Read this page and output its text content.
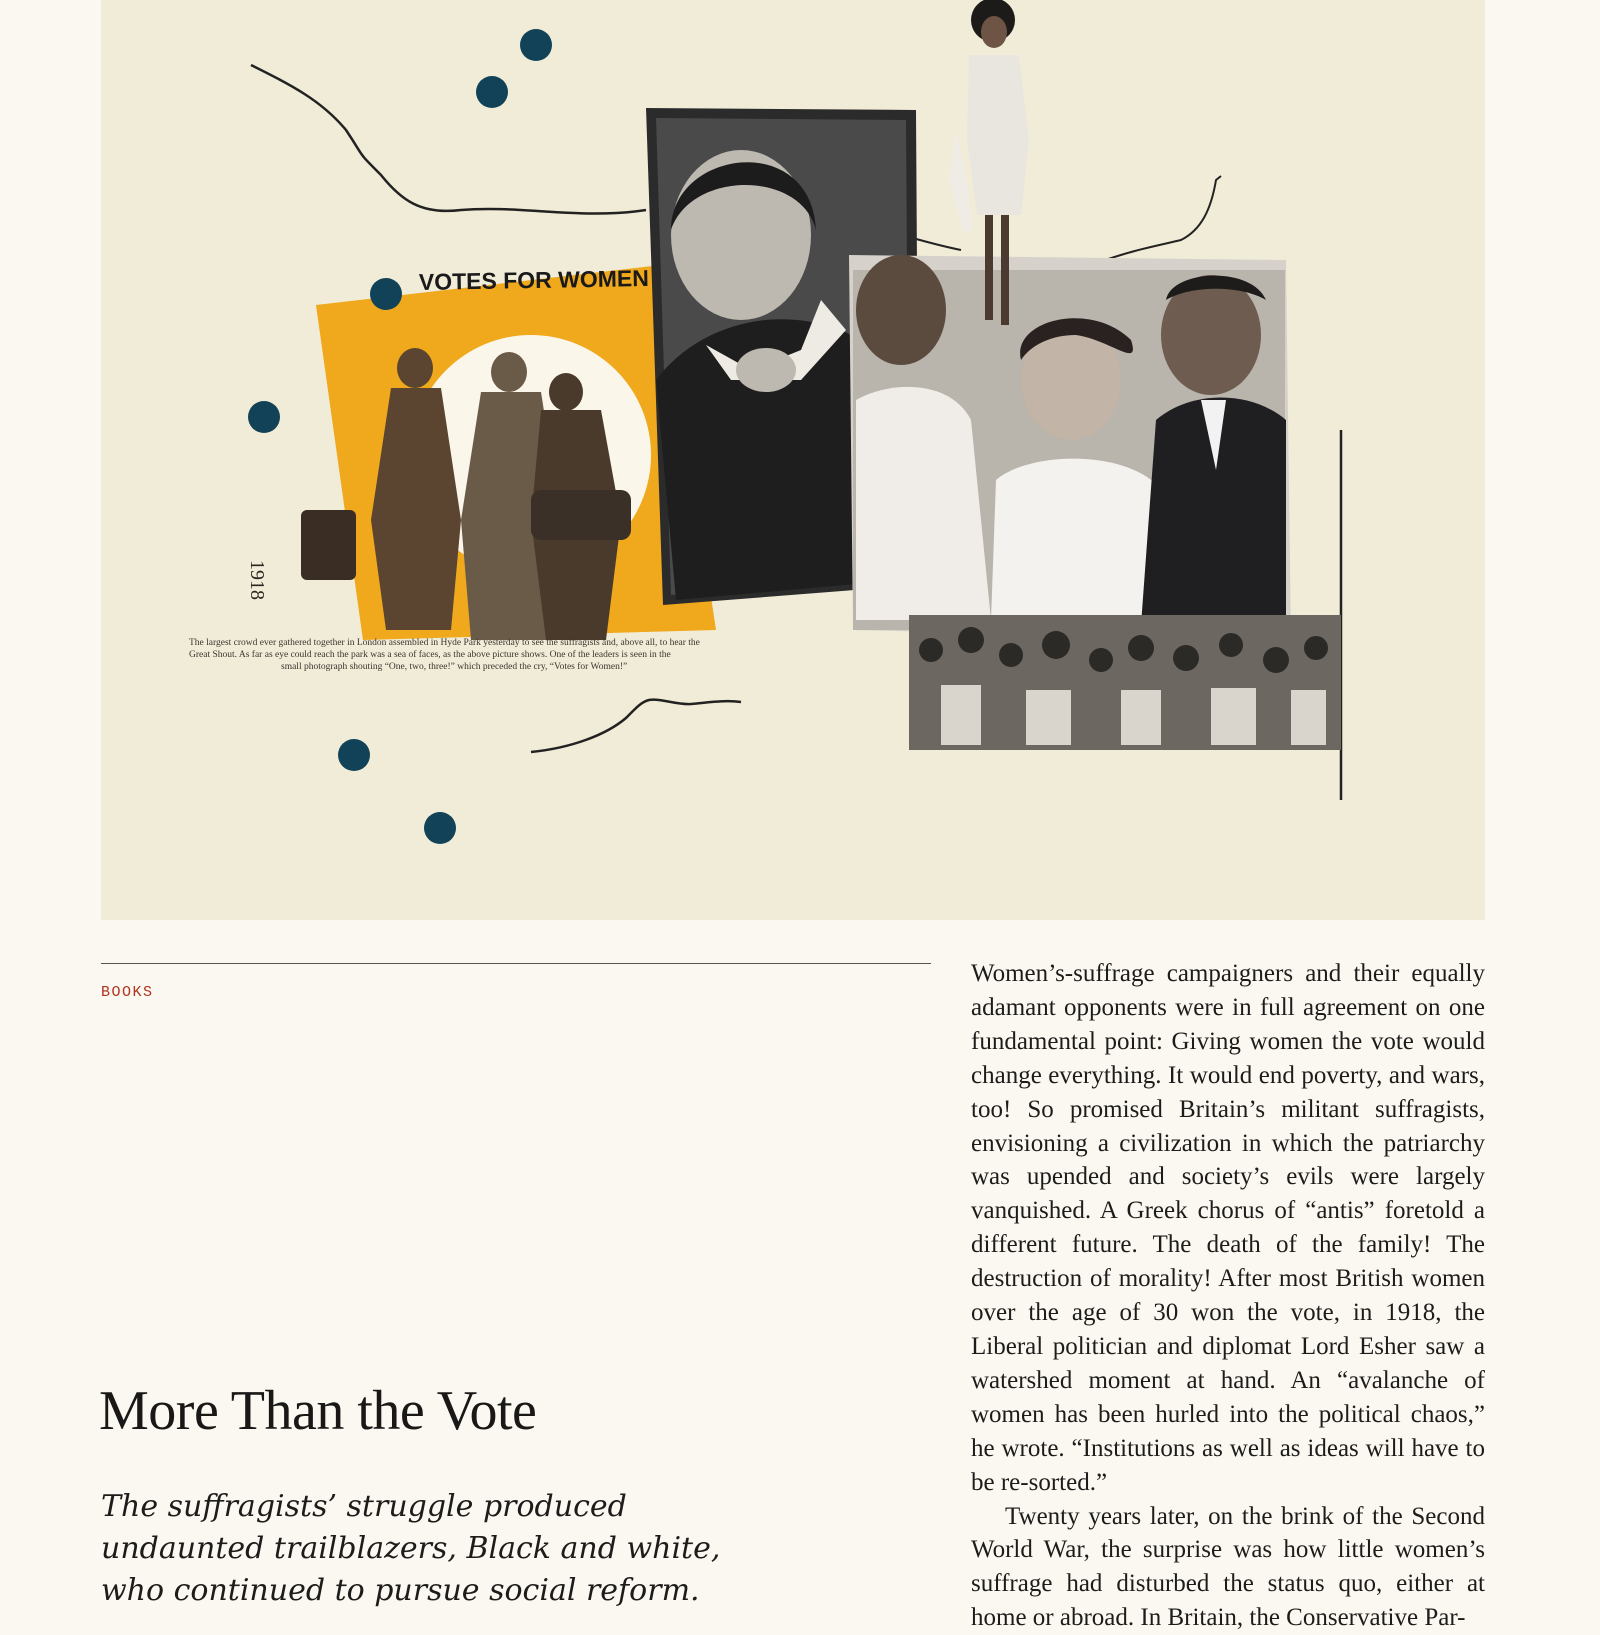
VOTES FOR WOMEN
1918
The largest crowd ever gathered together in London assembled in Hyde Park yesterday to see the suffragists and, above all, to hear the
Great Shout. As far as eye could reach the park was a sea of faces, as the above picture shows. One of the leaders is seen in the
small photograph shouting “One, two, three!” which preceded the cry, “Votes for Women!”
BOOKS
More Than the Vote

The suffragists’ struggle produced undaunted trailblazers, Black and white, who continued to pursue social reform.

Women’s-suffrage campaigners and their equally adamant opponents were in full agreement on one fundamental point: Giving women the vote would change everything. It would end poverty, and wars, too! So promised Britain’s militant suffragists, envisioning a civilization in which the patriarchy was upended and society’s evils were largely vanquished. A Greek chorus of “antis” foretold a different future. The death of the family! The destruction of morality! After most British women over the age of 30 won the vote, in 1918, the Liberal politician and diplomat Lord Esher saw a watershed moment at hand. An “avalanche of women has been hurled into the political chaos,” he wrote. “Institutions as well as ideas will have to be re-sorted.”

Twenty years later, on the brink of the Second World War, the surprise was how little women’s suffrage had disturbed the status quo, either at home or abroad. In Britain, the Conservative Par-
